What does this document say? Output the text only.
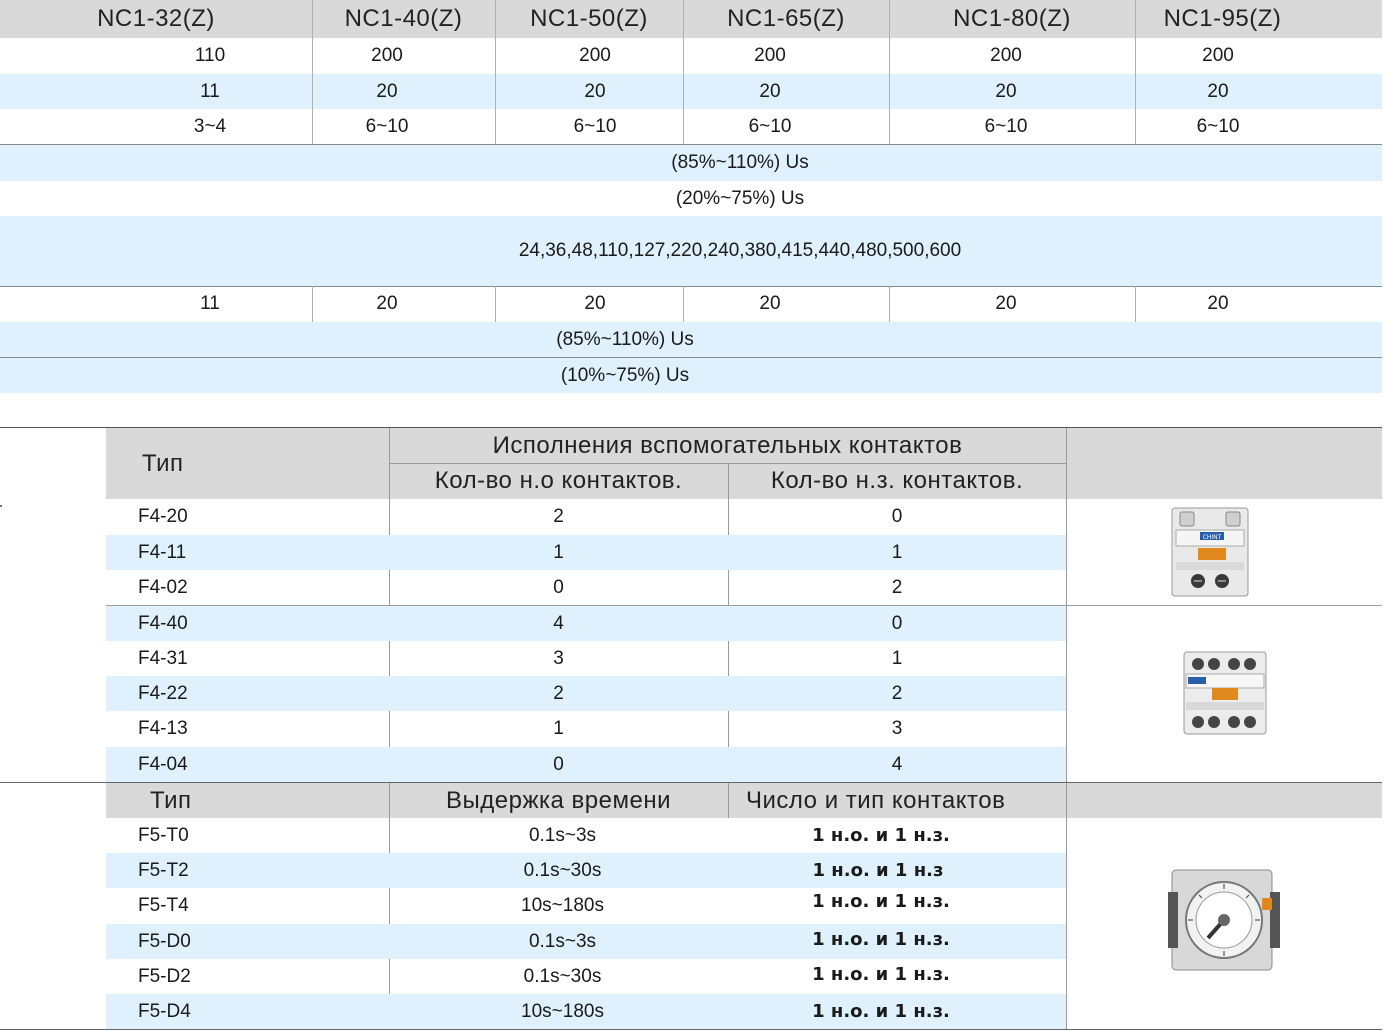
NC1-32(Z)	NC1-40(Z)	NC1-50(Z)	NC1-65(Z)	NC1-80(Z)	NC1-95(Z)
110	200	200	200	200	200
11	20	20	20	20	20
3~4	6~10	6~10	6~10	6~10	6~10
(85%~110%) Us
(20%~75%) Us
24,36,48,110,127,220,240,380,415,440,480,500,600
11	20	20	20	20	20
(85%~110%) Us
(10%~75%) Us
Тип
Исполнения вспомогательных контактов
Кол-во н.о контактов.	Кол-во н.з. контактов.
F4-20	2	0
F4-11	1	1
F4-02	0	2
F4-40	4	0
F4-31	3	1
F4-22	2	2
F4-13	1	3
F4-04	0	4
CHINT
Тип	Выдержка времени	Число и тип контактов
F5-T0	0.1s~3s	1 н.о. и 1 н.з.
F5-T2	0.1s~30s	1 н.о. и 1 н.з
F5-T4	10s~180s	1 н.о. и 1 н.з.
F5-D0	0.1s~3s	1 н.о. и 1 н.з.
F5-D2	0.1s~30s	1 н.о. и 1 н.з.
F5-D4	10s~180s	1 н.о. и 1 н.з.
